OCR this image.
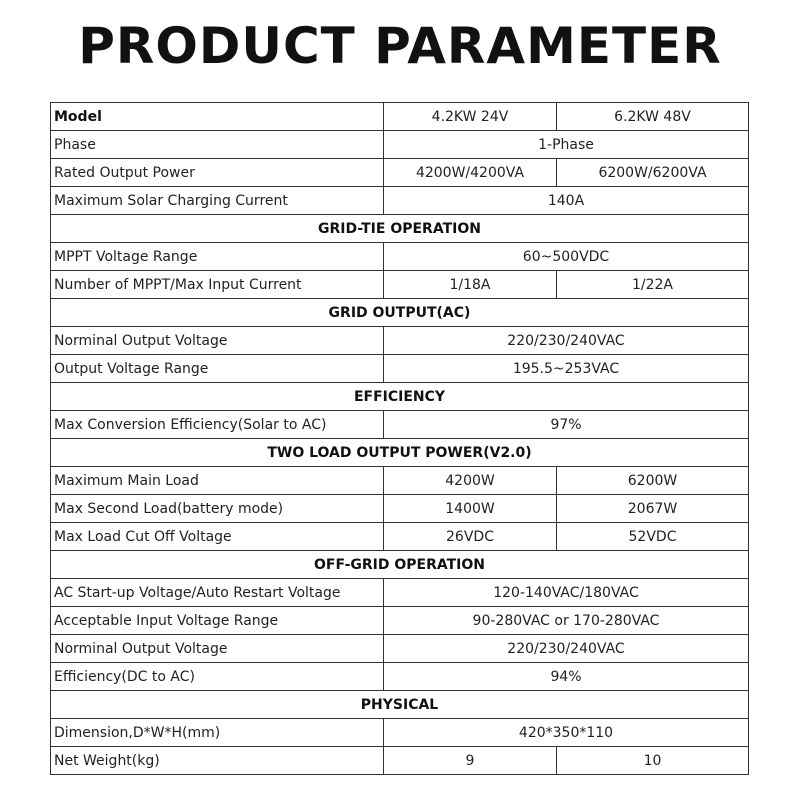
PRODUCT PARAMETER
Model	4.2KW 24V	6.2KW 48V
Phase	1-Phase	
Rated Output Power	4200W/4200VA	6200W/6200VA
Maximum Solar Charging Current	140A	
GRID-TIE OPERATION		
MPPT Voltage Range	60~500VDC	
Number of MPPT/Max Input Current	1/18A	1/22A
GRID OUTPUT(AC)		
Norminal Output Voltage	220/230/240VAC	
Output Voltage Range	195.5~253VAC	
EFFICIENCY		
Max Conversion Efficiency(Solar to AC)	97%	
TWO LOAD OUTPUT POWER(V2.0)		
Maximum Main Load	4200W	6200W
Max Second Load(battery mode)	1400W	2067W
Max Load Cut Off Voltage	26VDC	52VDC
OFF-GRID OPERATION		
AC Start-up Voltage/Auto Restart Voltage	120-140VAC/180VAC	
Acceptable Input Voltage Range	90-280VAC or 170-280VAC	
Norminal Output Voltage	220/230/240VAC	
Efficiency(DC to AC)	94%	
PHYSICAL		
Dimension,D*W*H(mm)	420*350*110	
Net Weight(kg)	9	10
